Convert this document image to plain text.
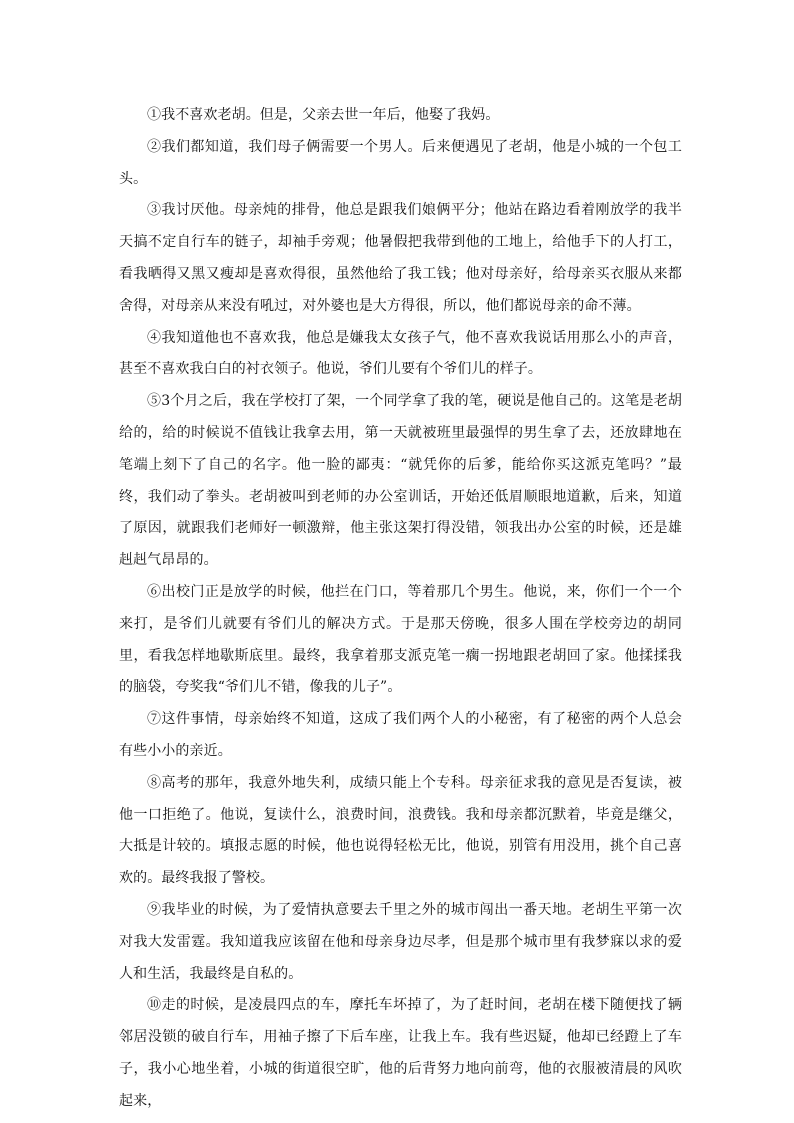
①我不喜欢老胡。但是，父亲去世一年后，他娶了我妈。

②我们都知道，我们母子俩需要一个男人。后来便遇见了老胡，他是小城的一个包工头。

③我讨厌他。母亲炖的排骨，他总是跟我们娘俩平分；他站在路边看着刚放学的我半天搞不定自行车的链子，却袖手旁观；他暑假把我带到他的工地上，给他手下的人打工，看我晒得又黑又瘦却是喜欢得很，虽然他给了我工钱；他对母亲好，给母亲买衣服从来都舍得，对母亲从来没有吼过，对外婆也是大方得很，所以，他们都说母亲的命不薄。

④我知道他也不喜欢我，他总是嫌我太女孩子气，他不喜欢我说话用那么小的声音，甚至不喜欢我白白的衬衣领子。他说，爷们儿要有个爷们儿的样子。

⑤3个月之后，我在学校打了架，一个同学拿了我的笔，硬说是他自己的。这笔是老胡给的，给的时候说不值钱让我拿去用，第一天就被班里最强悍的男生拿了去，还放肆地在笔端上刻下了自己的名字。他一脸的鄙夷：“就凭你的后爹，能给你买这派克笔吗？”最终，我们动了拳头。老胡被叫到老师的办公室训话，开始还低眉顺眼地道歉，后来，知道了原因，就跟我们老师好一顿激辩，他主张这架打得没错，领我出办公室的时候，还是雄赳赳气昂昂的。

⑥出校门正是放学的时候，他拦在门口，等着那几个男生。他说，来，你们一个一个来打，是爷们儿就要有爷们儿的解决方式。于是那天傍晚，很多人围在学校旁边的胡同里，看我怎样地歇斯底里。最终，我拿着那支派克笔一瘸一拐地跟老胡回了家。他揉揉我的脑袋，夸奖我“爷们儿不错，像我的儿子”。

⑦这件事情，母亲始终不知道，这成了我们两个人的小秘密，有了秘密的两个人总会有些小小的亲近。

⑧高考的那年，我意外地失利，成绩只能上个专科。母亲征求我的意见是否复读，被他一口拒绝了。他说，复读什么，浪费时间，浪费钱。我和母亲都沉默着，毕竟是继父，大抵是计较的。填报志愿的时候，他也说得轻松无比，他说，别管有用没用，挑个自己喜欢的。最终我报了警校。

⑨我毕业的时候，为了爱情执意要去千里之外的城市闯出一番天地。老胡生平第一次对我大发雷霆。我知道我应该留在他和母亲身边尽孝，但是那个城市里有我梦寐以求的爱人和生活，我最终是自私的。

⑩走的时候，是凌晨四点的车，摩托车坏掉了，为了赶时间，老胡在楼下随便找了辆邻居没锁的破自行车，用袖子擦了下后车座，让我上车。我有些迟疑，他却已经蹬上了车子，我小心地坐着，小城的街道很空旷，他的后背努力地向前弯，他的衣服被清晨的风吹起来，
